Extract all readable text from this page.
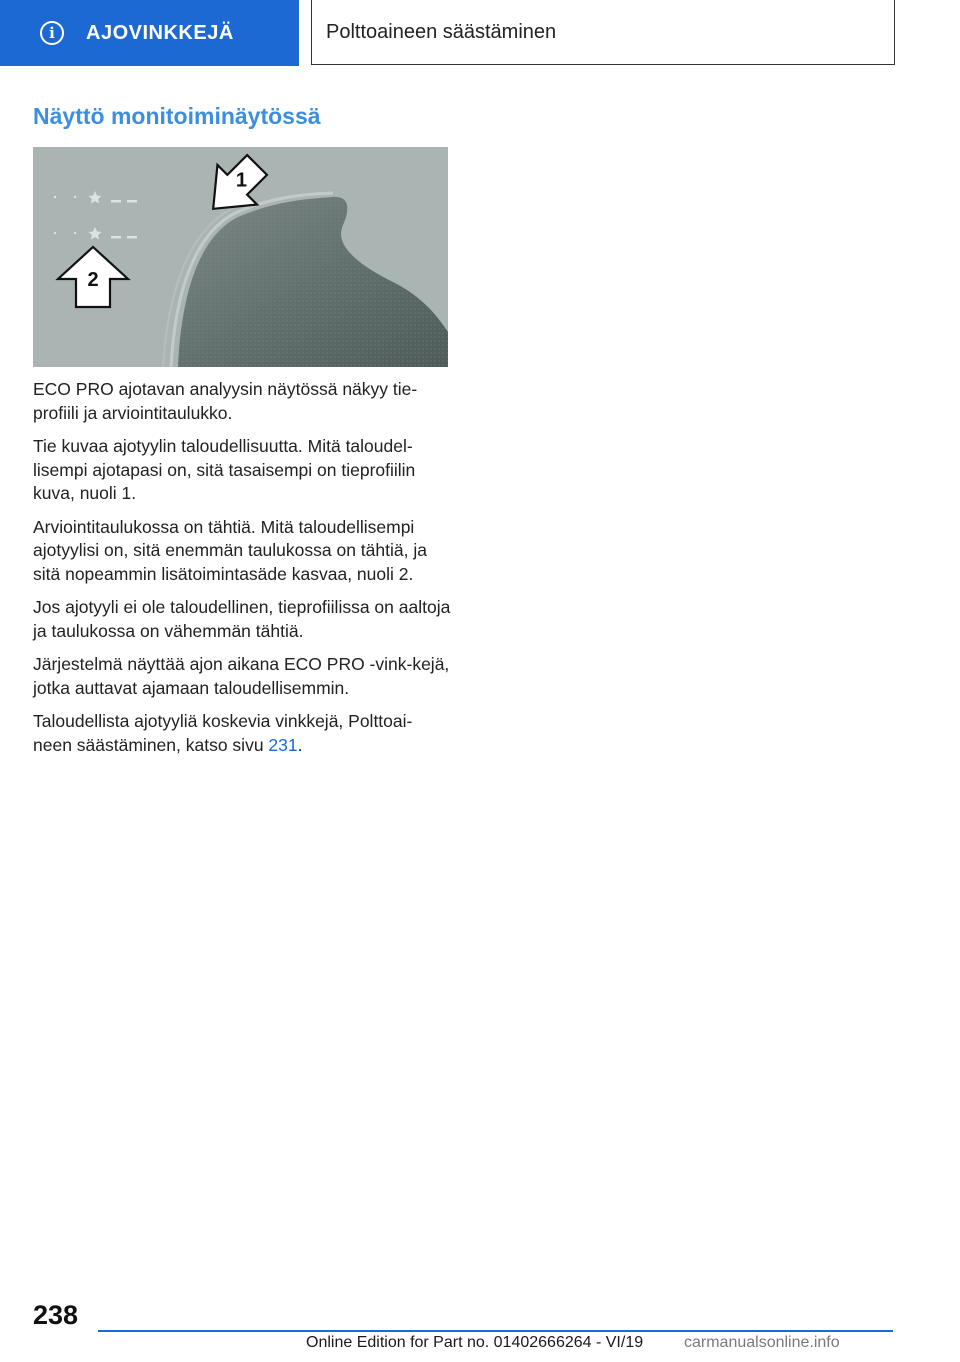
i	AJOVINKKEJÄ	Polttoaineen säästäminen
Näyttö monitoiminäytössä
1
2

ECO PRO ajotavan analyysin näytössä näkyy tie-profiili ja arviointitaulukko.

Tie kuvaa ajotyylin taloudellisuutta. Mitä taloudel-lisempi ajotapasi on, sitä tasaisempi on tieprofiilin kuva, nuoli 1.

Arviointitaulukossa on tähtiä. Mitä taloudellisempi ajotyylisi on, sitä enemmän taulukossa on tähtiä, ja sitä nopeammin lisätoimintasäde kasvaa, nuoli 2.

Jos ajotyyli ei ole taloudellinen, tieprofiilissa on aaltoja ja taulukossa on vähemmän tähtiä.

Järjestelmä näyttää ajon aikana ECO PRO -vink-kejä, jotka auttavat ajamaan taloudellisemmin.

Taloudellista ajotyyliä koskevia vinkkejä, Polttoai-neen säästäminen, katso sivu 231.

238
Online Edition for Part no. 01402666264 - VI/19	carmanualsonline.info
